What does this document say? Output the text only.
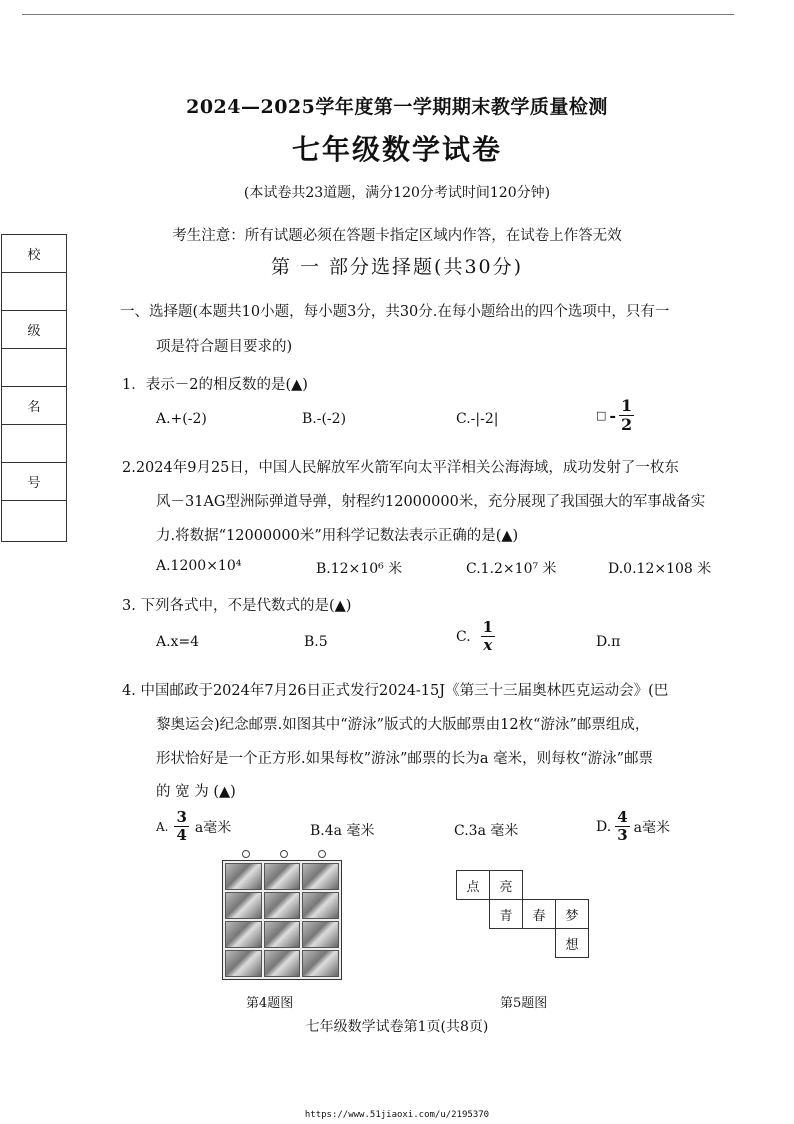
2024—2025学年度第一学期期末教学质量检测
七年级数学试卷
(本试卷共23道题，满分120分考试时间120分钟)
考生注意：所有试题必须在答题卡指定区域内作答，在试卷上作答无效
第 一 部分选择题(共30分)
校
级
名
号
一、选择题(本题共10小题，每小题3分，共30分.在每小题给出的四个选项中，只有一
项是符合题目要求的)
1．表示－2的相反数的是(▲)
A.+(-2)	B.-(-2)	C.-|-2|	□ - $\frac{1}{2}$
2.2024年9月25日，中国人民解放军火箭军向太平洋相关公海海域，成功发射了一枚东
风－31AG型洲际弹道导弹，射程约12000000米，充分展现了我国强大的军事战备实
力.将数据“12000000米”用科学记数法表示正确的是(▲)
A.1200×10⁴	B.12×10⁶ 米	C.1.2×10⁷ 米	D.0.12×108 米
3. 下列各式中，不是代数式的是(▲)
A.x=4	B.5	C. $\frac{1}{x}$	D.π
4. 中国邮政于2024年7月26日正式发行2024-15J《第三十三届奥林匹克运动会》(巴
黎奥运会)纪念邮票.如图其中“游泳”版式的大版邮票由12枚“游泳”邮票组成，
形状恰好是一个正方形.如果每枚”游泳”邮票的长为a 毫米，则每枚“游泳”邮票
的 宽 为 (▲)
A. $\frac{3}{4}$ a毫米	B.4a 毫米	C.3a 毫米	D. $\frac{4}{3}$ a毫米
第4题图
点	亮
青	春	梦
想
第5题图
七年级数学试卷第1页(共8页)
https://www.51jiaoxi.com/u/2195370
